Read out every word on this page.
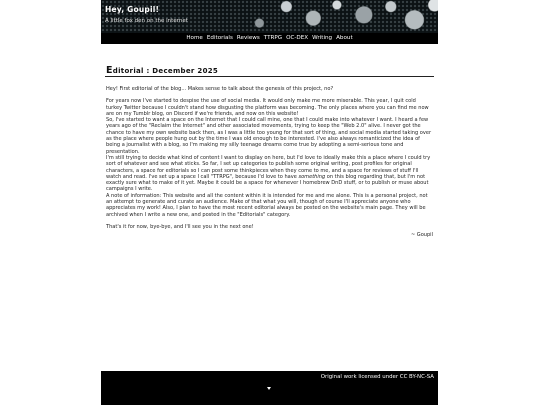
Hey, Goupil!
A little fox den on the internet
Home Editorials Reviews TTRPG OC-DEX Writing About
Editorial : December 2025

Hey! First editorial of the blog... Makes sense to talk about the genesis of this project, no?

For years now I've started to despise the use of social media. It would only make me more miserable. This year, I quit cold turkey Twitter because I couldn't stand how disgusting the platform was becoming. The only places where you can find me now are on my Tumblr blog, on Discord if we're friends, and now on this website!

So, I've started to want a space on the Internet that I could call mine, one that I could make into whatever I want. I heard a few years ago of the "Reclaim the Internet" and other associated movements, trying to keep the "Web 2.0" alive. I never got the chance to have my own website back then, as I was a little too young for that sort of thing, and social media started taking over as the place where people hung out by the time I was old enough to be interested. I've also always romanticized the idea of being a journalist with a blog, so I'm making my silly teenage dreams come true by adopting a semi-serious tone and presentation.

I'm still trying to decide what kind of content I want to display on here, but I'd love to ideally make this a place where I could try sort of whatever and see what sticks. So far, I set up categories to publish some original writing, post profiles for original characters, a space for editorials so I can post some thinkpieces when they come to me, and a space for reviews of stuff I'll watch and read. I've set up a space I call "TTRPG", because I'd love to have something on this blog regarding that, but I'm not exactly sure what to make of it yet. Maybe it could be a space for whenever I homebrew DnD stuff, or to publish or muse about campaigns I write.

A note of information: This website and all the content within it is intended for me and me alone. This is a personal project, not an attempt to generate and curate an audience. Make of that what you will, though of course I'll appreciate anyone who appreciates my work! Also, I plan to have the most recent editorial always be posted on the website's main page. They will be archived when I write a new one, and posted in the "Editorials" category.

That's it for now, bye-bye, and I'll see you in the next one!

~ Goupil

Original work licensed under CC BY-NC-SA
